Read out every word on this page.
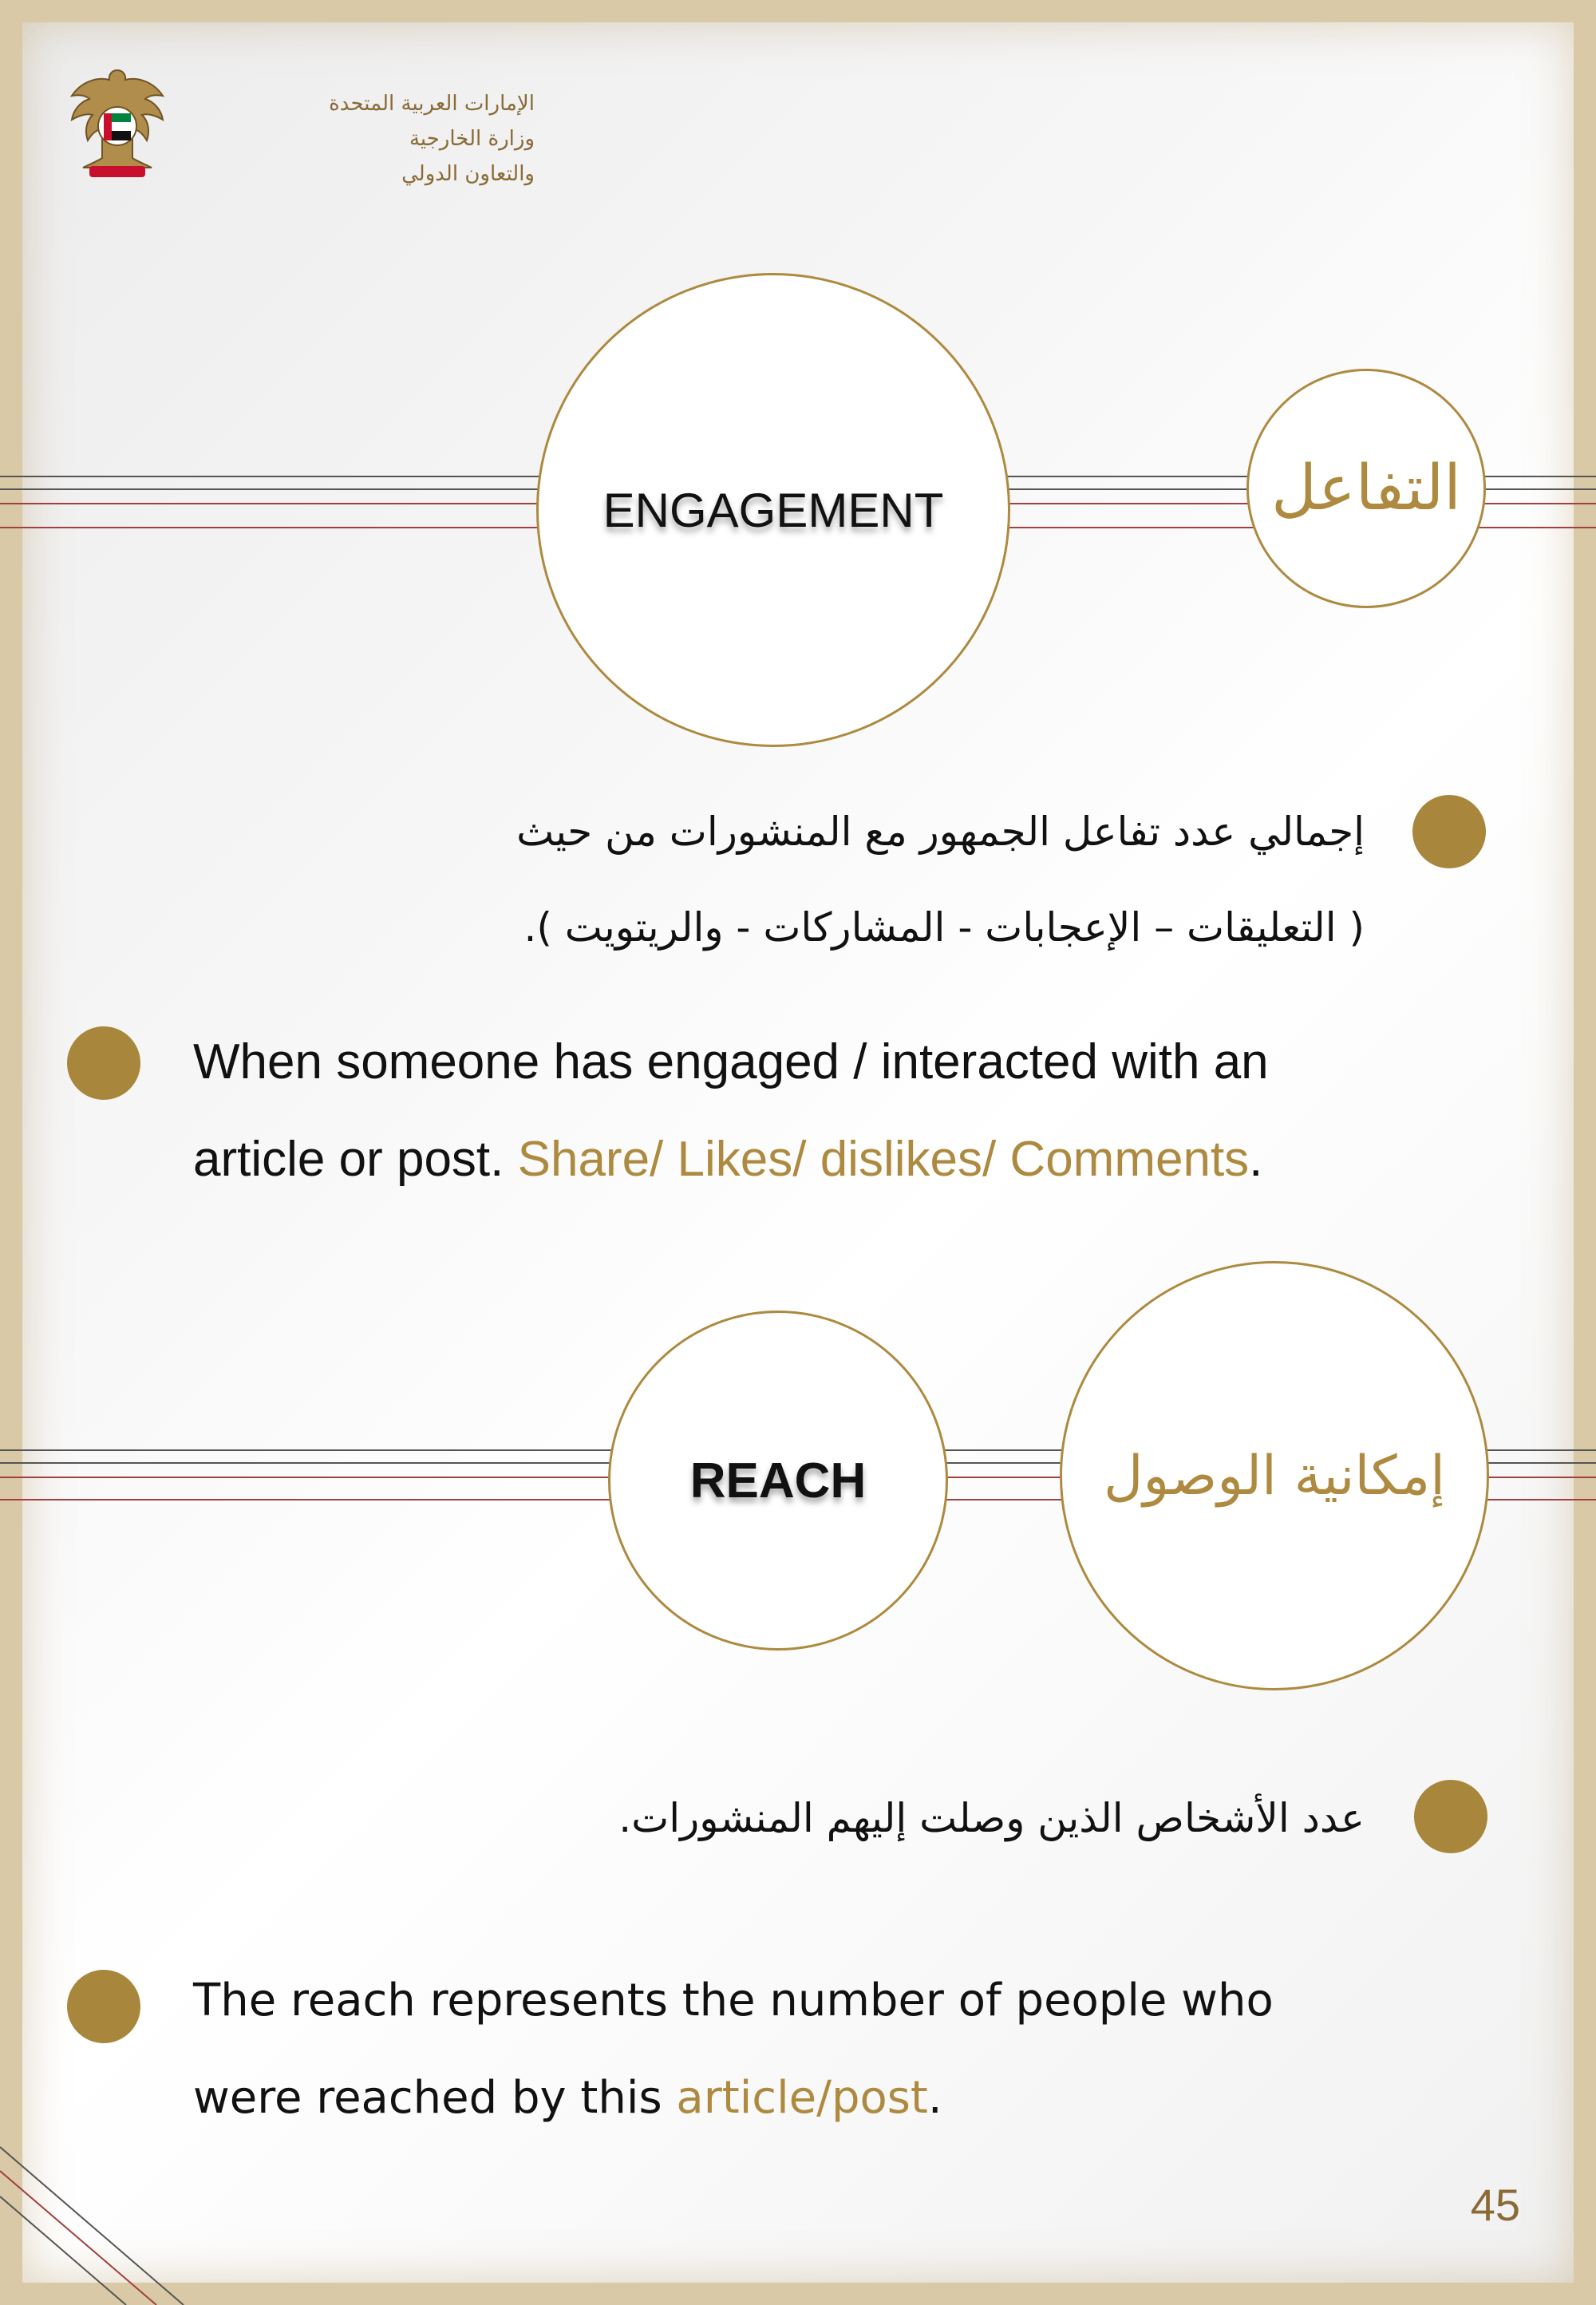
الإمارات العربية المتحدة
وزارة الخارجية
والتعاون الدولي
ENGAGEMENT	التفاعل
إجمالي عدد تفاعل الجمهور مع المنشورات من حيث
( التعليقات – الإعجابات - المشاركات - والريتويت ).
When someone has engaged / interacted with an
article or post. Share/ Likes/ dislikes/ Comments.
REACH	إمكانية الوصول
عدد الأشخاص الذين وصلت إليهم المنشورات.
The reach represents the number of people who
were reached by this article/post.
45
